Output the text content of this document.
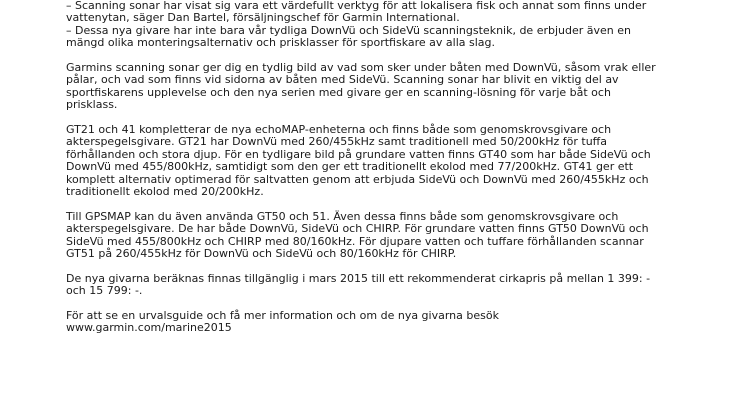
– Scanning sonar har visat sig vara ett värdefullt verktyg för att lokalisera fisk och annat som finns under
vattenytan, säger Dan Bartel, försäljningschef för Garmin International.
– Dessa nya givare har inte bara vår tydliga DownVü och SideVü scanningsteknik, de erbjuder även en
mängd olika monteringsalternativ och prisklasser för sportfiskare av alla slag.
Garmins scanning sonar ger dig en tydlig bild av vad som sker under båten med DownVü, såsom vrak eller
pålar, och vad som finns vid sidorna av båten med SideVü. Scanning sonar har blivit en viktig del av
sportfiskarens upplevelse och den nya serien med givare ger en scanning-lösning för varje båt och
prisklass.
GT21 och 41 kompletterar de nya echoMAP-enheterna och finns både som genomskrovsgivare och
akterspegelsgivare. GT21 har DownVü med 260/455kHz samt traditionell med 50/200kHz för tuffa
förhållanden och stora djup. För en tydligare bild på grundare vatten finns GT40 som har både SideVü och
DownVü med 455/800kHz, samtidigt som den ger ett traditionellt ekolod med 77/200kHz. GT41 ger ett
komplett alternativ optimerad för saltvatten genom att erbjuda SideVü och DownVü med 260/455kHz och
traditionellt ekolod med 20/200kHz.
Till GPSMAP kan du även använda GT50 och 51. Även dessa finns både som genomskrovsgivare och
akterspegelsgivare. De har både DownVü, SideVü och CHIRP. För grundare vatten finns GT50 DownVü och
SideVü med 455/800kHz och CHIRP med 80/160kHz. För djupare vatten och tuffare förhållanden scannar
GT51 på 260/455kHz för DownVü och SideVü och 80/160kHz för CHIRP.
De nya givarna beräknas finnas tillgänglig i mars 2015 till ett rekommenderat cirkapris på mellan 1 399: -
och 15 799: -.
För att se en urvalsguide och få mer information och om de nya givarna besök
www.garmin.com/marine2015
